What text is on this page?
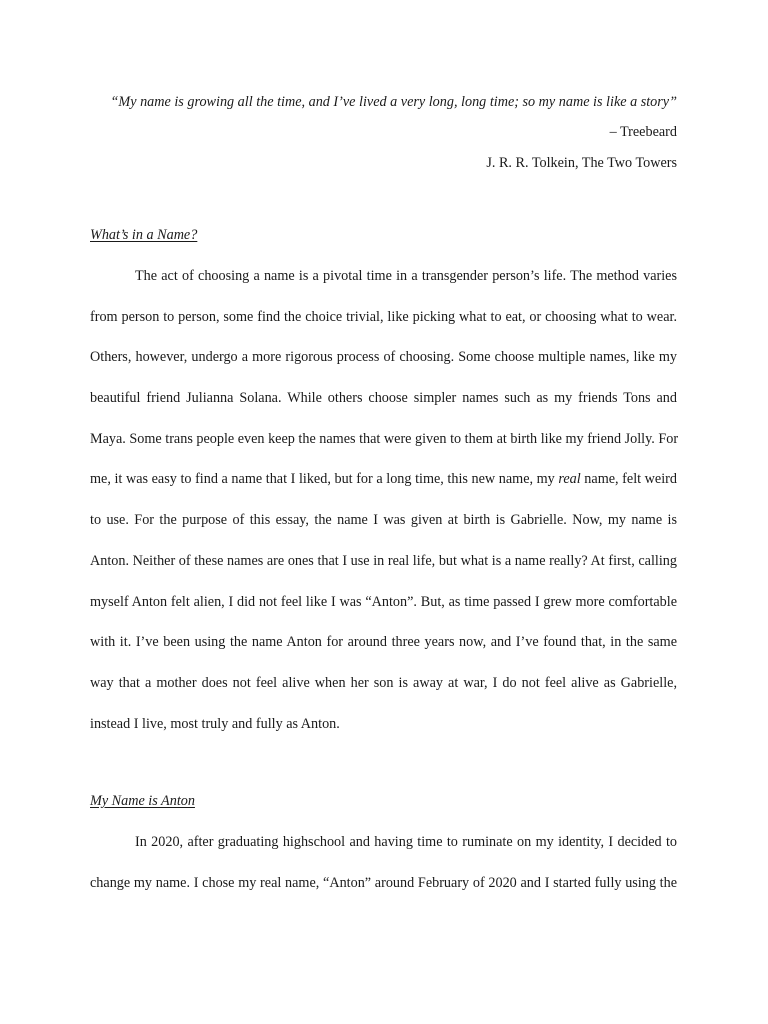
“My name is growing all the time, and I’ve lived a very long, long time; so my name is like a story”
– Treebeard
J. R. R. Tolkein, The Two Towers
What’s in a Name?
The act of choosing a name is a pivotal time in a transgender person’s life. The method varies
from person to person, some find the choice trivial, like picking what to eat, or choosing what to wear.
Others, however, undergo a more rigorous process of choosing. Some choose multiple names, like my
beautiful friend Julianna Solana. While others choose simpler names such as my friends Tons and
Maya. Some trans people even keep the names that were given to them at birth like my friend Jolly. For
me, it was easy to find a name that I liked, but for a long time, this new name, my real name, felt weird
to use. For the purpose of this essay, the name I was given at birth is Gabrielle. Now, my name is
Anton. Neither of these names are ones that I use in real life, but what is a name really? At first, calling
myself Anton felt alien, I did not feel like I was “Anton”. But, as time passed I grew more comfortable
with it. I’ve been using the name Anton for around three years now, and I’ve found that, in the same
way that a mother does not feel alive when her son is away at war, I do not feel alive as Gabrielle,
instead I live, most truly and fully as Anton.
My Name is Anton
In 2020, after graduating highschool and having time to ruminate on my identity, I decided to
change my name. I chose my real name, “Anton” around February of 2020 and I started fully using the
